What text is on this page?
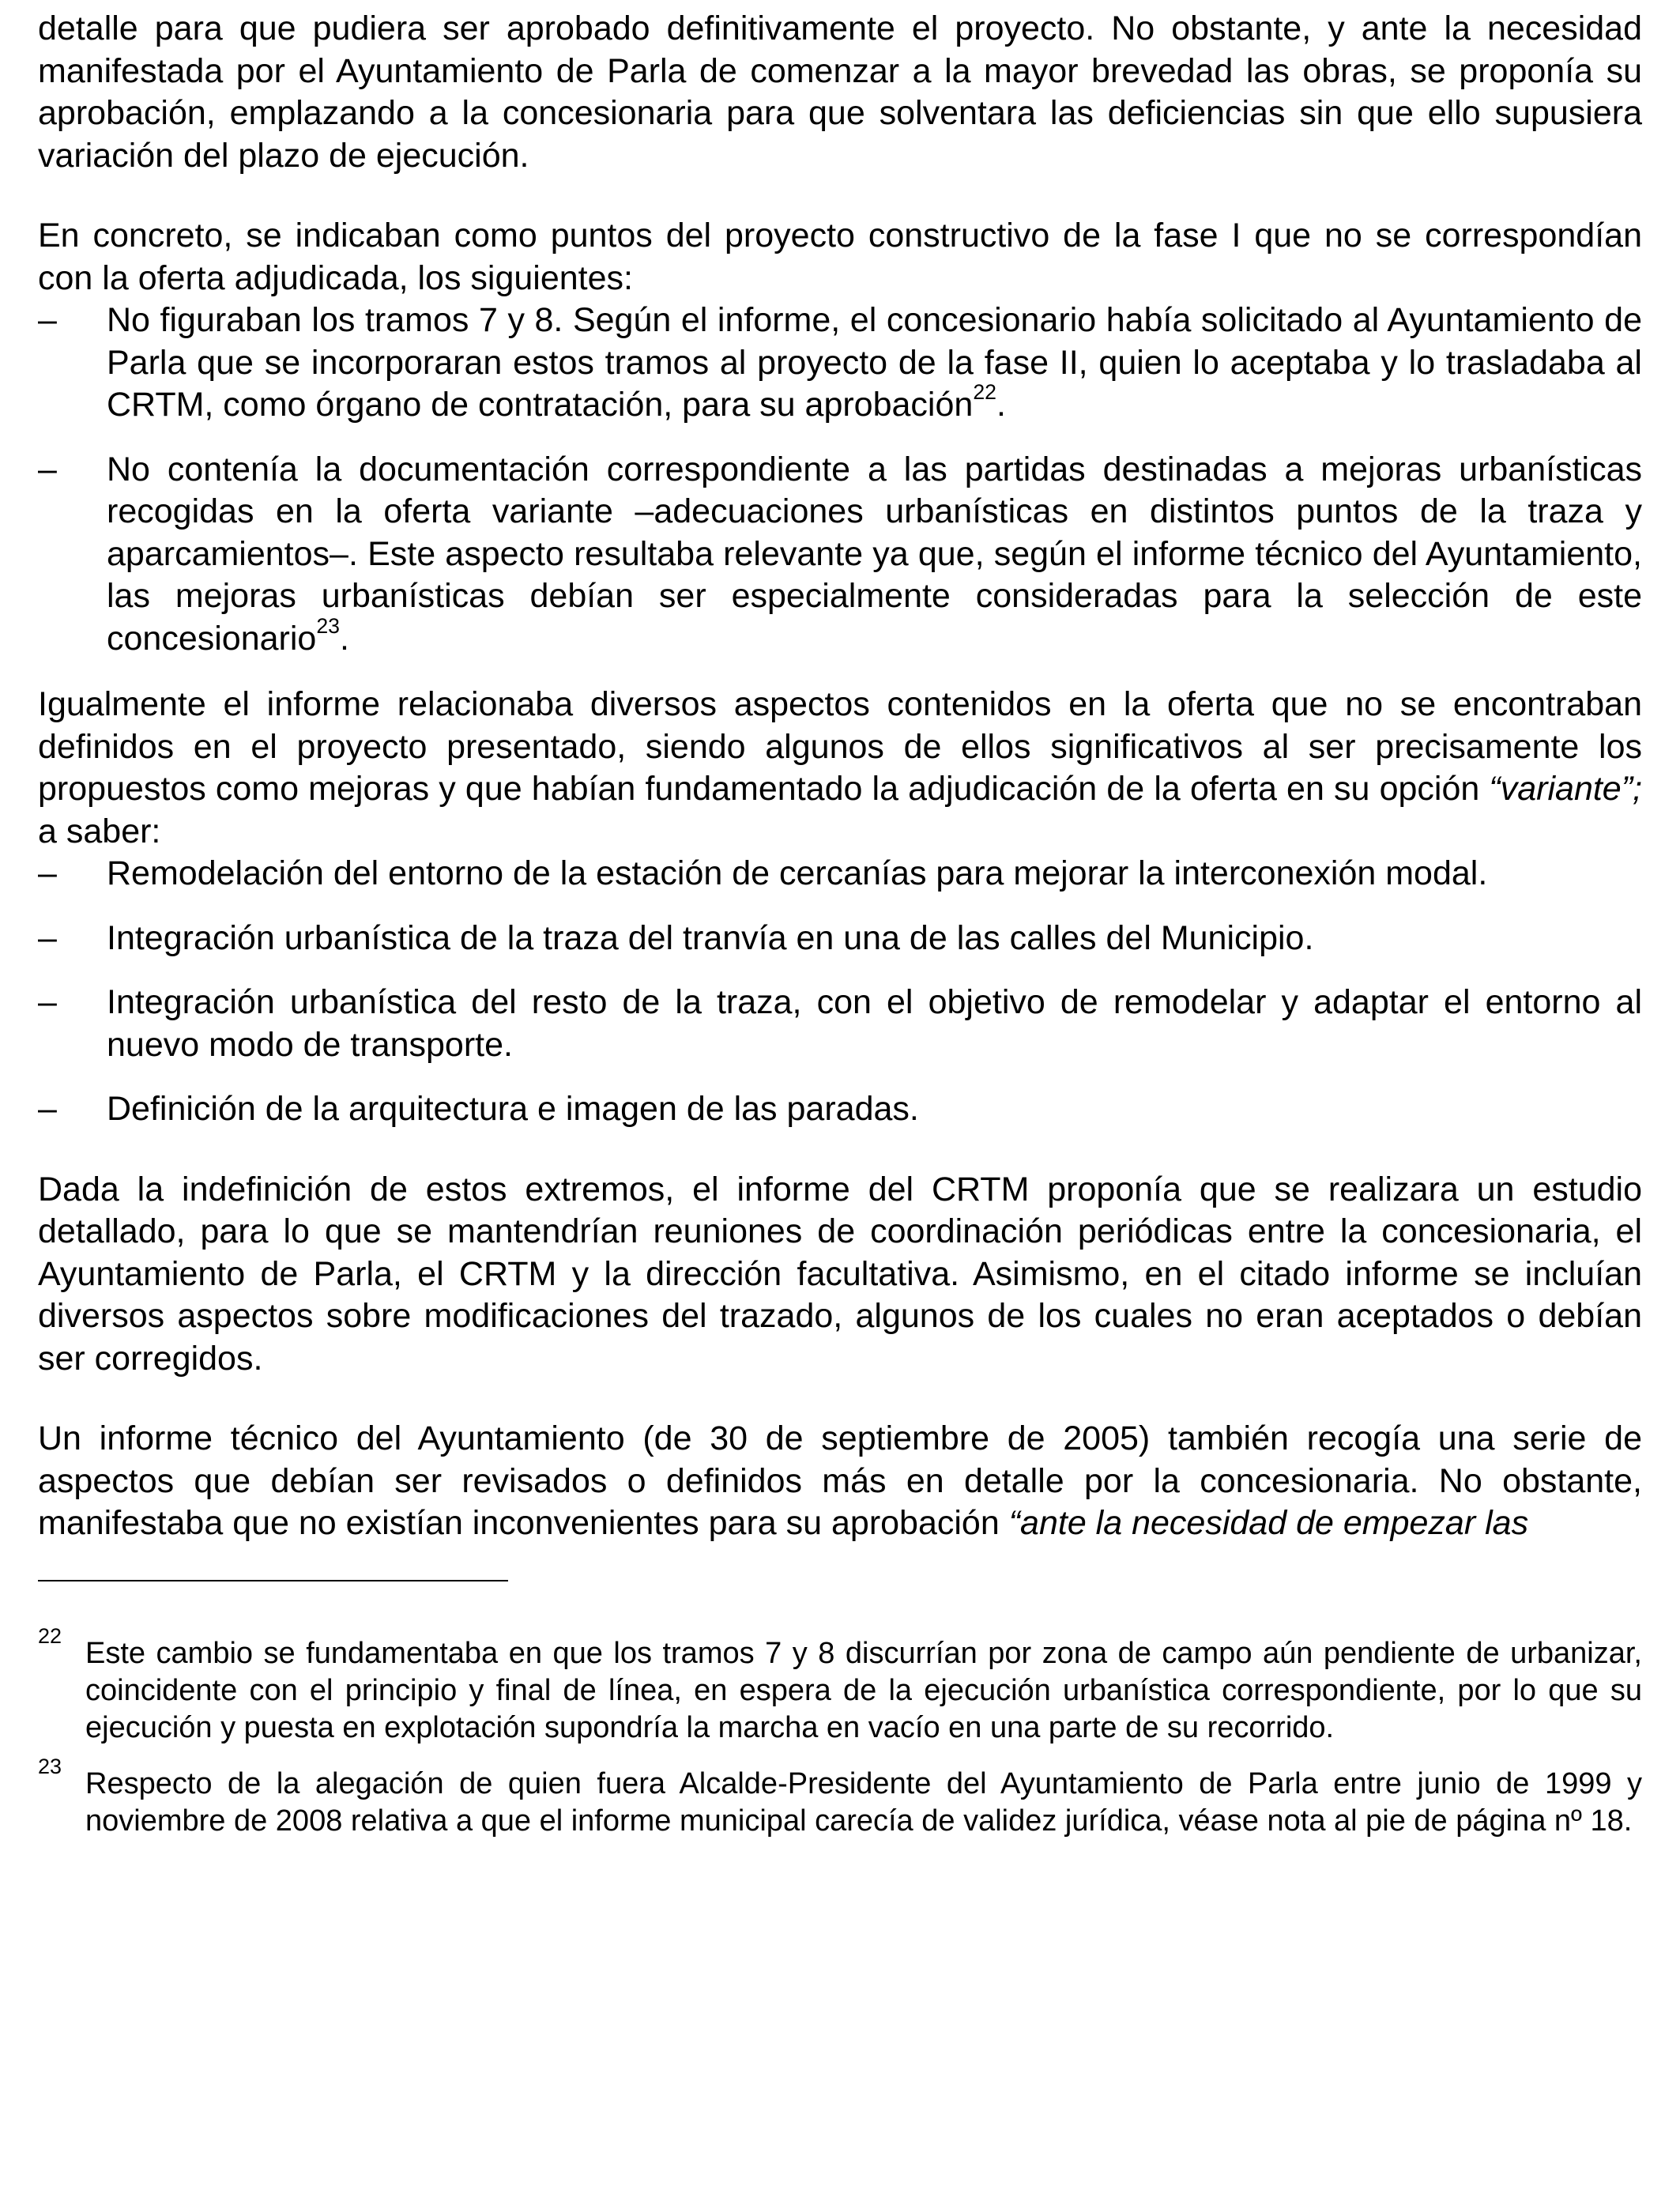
detalle para que pudiera ser aprobado definitivamente el proyecto. No obstante, y ante la necesidad manifestada por el Ayuntamiento de Parla de comenzar a la mayor brevedad las obras, se proponía su aprobación, emplazando a la concesionaria para que solventara las deficiencias sin que ello supusiera variación del plazo de ejecución.

En concreto, se indicaban como puntos del proyecto constructivo de la fase I que no se correspondían con la oferta adjudicada, los siguientes:

– No figuraban los tramos 7 y 8. Según el informe, el concesionario había solicitado al Ayuntamiento de Parla que se incorporaran estos tramos al proyecto de la fase II, quien lo aceptaba y lo trasladaba al CRTM, como órgano de contratación, para su aprobación$^{22}$.
– No contenía la documentación correspondiente a las partidas destinadas a mejoras urbanísticas recogidas en la oferta variante –adecuaciones urbanísticas en distintos puntos de la traza y aparcamientos–. Este aspecto resultaba relevante ya que, según el informe técnico del Ayuntamiento, las mejoras urbanísticas debían ser especialmente consideradas para la selección de este concesionario$^{23}$.

Igualmente el informe relacionaba diversos aspectos contenidos en la oferta que no se encontraban definidos en el proyecto presentado, siendo algunos de ellos significativos al ser precisamente los propuestos como mejoras y que habían fundamentado la adjudicación de la oferta en su opción “variante”; a saber:

– Remodelación del entorno de la estación de cercanías para mejorar la interconexión modal.
– Integración urbanística de la traza del tranvía en una de las calles del Municipio.
– Integración urbanística del resto de la traza, con el objetivo de remodelar y adaptar el entorno al nuevo modo de transporte.
– Definición de la arquitectura e imagen de las paradas.

Dada la indefinición de estos extremos, el informe del CRTM proponía que se realizara un estudio detallado, para lo que se mantendrían reuniones de coordinación periódicas entre la concesionaria, el Ayuntamiento de Parla, el CRTM y la dirección facultativa. Asimismo, en el citado informe se incluían diversos aspectos sobre modificaciones del trazado, algunos de los cuales no eran aceptados o debían ser corregidos.

Un informe técnico del Ayuntamiento (de 30 de septiembre de 2005) también recogía una serie de aspectos que debían ser revisados o definidos más en detalle por la concesionaria. No obstante, manifestaba que no existían inconvenientes para su aprobación “ante la necesidad de empezar las

22
Este cambio se fundamentaba en que los tramos 7 y 8 discurrían por zona de campo aún pendiente de urbanizar, coincidente con el principio y final de línea, en espera de la ejecución urbanística correspondiente, por lo que su ejecución y puesta en explotación supondría la marcha en vacío en una parte de su recorrido.
23
Respecto de la alegación de quien fuera Alcalde-Presidente del Ayuntamiento de Parla entre junio de 1999 y noviembre de 2008 relativa a que el informe municipal carecía de validez jurídica, véase nota al pie de página nº 18.
